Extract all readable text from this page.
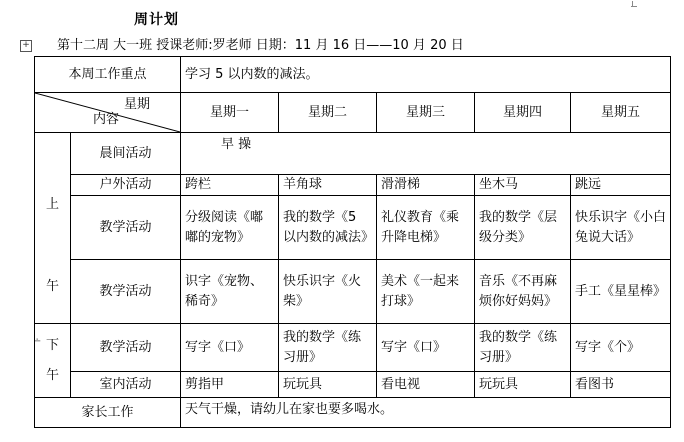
周计划
+ 第十二周 大一班 授课老师:罗老师 日期：11 月 16 日——10 月 20 日
∸
本周工作重点		学习 5 以内数的减法。				

星期
内容		星期一	星期二	星期三	星期四	星期五

上
午	晨间活动	早 操				
	户外活动	跨栏	羊角球	滑滑梯	坐木马	跳远
	教学活动	分级阅读《嘟嘟的宠物》	我的数学《5 以内数的减法》	礼仪教育《乘升降电梯》	我的数学《层级分类》	快乐识字《小白兔说大话》
	教学活动	识字《宠物、稀奇》	快乐识字《火柴》	美术《一起来打球》	音乐《不再麻烦你好妈妈》	手工《星星棒》

下
午	教学活动	写字《口》	我的数学《练习册》	写字《口》	我的数学《练习册》	写字《个》
	室内活动	剪指甲	玩玩具	看电视	玩玩具	看图书
家长工作		天气干燥，请幼儿在家也要多喝水。				
